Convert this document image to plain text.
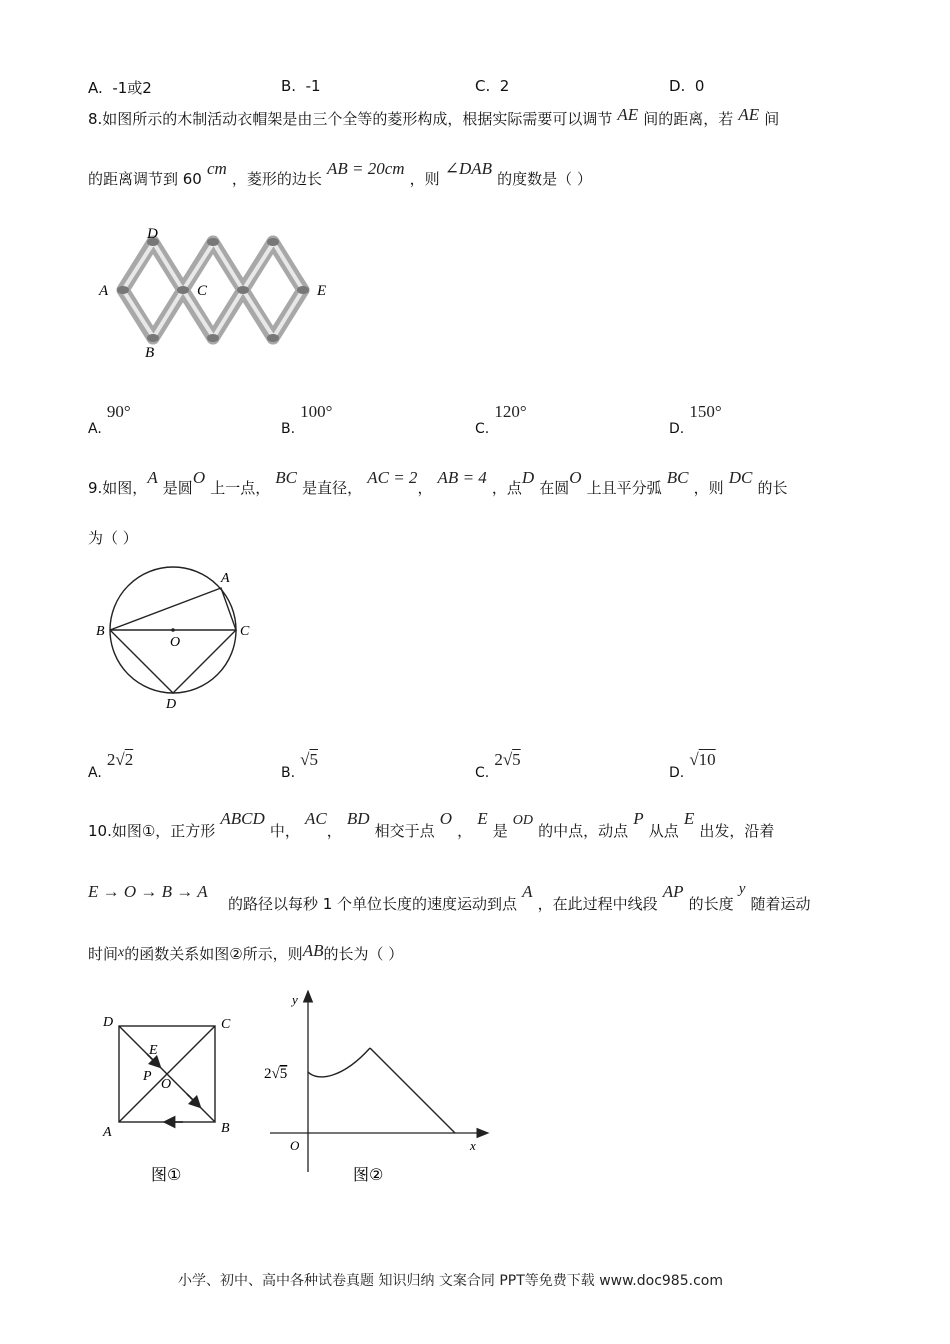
A. -1或2	B. -1	C. 2	D. 0
8.如图所示的木制活动衣帽架是由三个全等的菱形构成，根据实际需要可以调节 AE 间的距离，若 AE 间
的距离调节到 60 cm ，菱形的边长 AB = 20cm ，则 ∠DAB 的度数是（ ）
D
A	C	E
B
A. 90°
B. 100°
C. 120°
D. 150°
9.如图，A 是圆O 上一点， BC 是直径， AC = 2， AB = 4 ，点D 在圆O 上且平分弧 BC ，则 DC 的长
为（ ）
A
B
O
C
D
A. 2√2
B. √5
C. 2√5
D. √10
10.如图①，正方形 ABCD 中， AC， BD 相交于点 O ， E 是 OD 的中点，动点 P 从点 E 出发，沿着
E → O → B → A    的路径以每秒 1 个单位长度的速度运动到点 A ，在此过程中线段 AP 的长度 y 随着运动
时间x的函数关系如图②所示，则AB的长为（ ）
D	C
E
P
O
A	B
图①
y
O	x
2√5
图②
小学、初中、高中各种试卷真题 知识归纳 文案合同 PPT等免费下载 www.doc985.com
